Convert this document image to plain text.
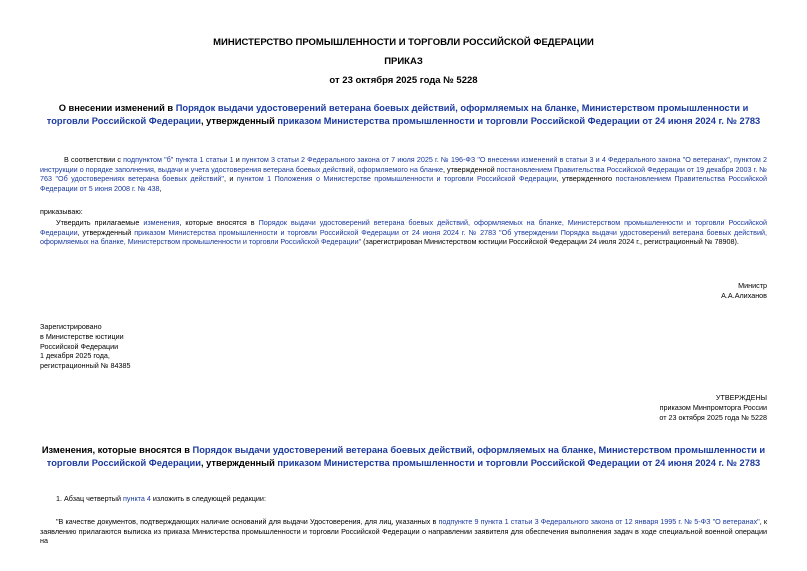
МИНИСТЕРСТВО ПРОМЫШЛЕННОСТИ И ТОРГОВЛИ РОССИЙСКОЙ ФЕДЕРАЦИИ
ПРИКАЗ
от 23 октября 2025 года № 5228
О внесении изменений в Порядок выдачи удостоверений ветерана боевых действий, оформляемых на бланке, Министерством промышленности и торговли Российской Федерации, утвержденный приказом Министерства промышленности и торговли Российской Федерации от 24 июня 2024 г. № 2783
В соответствии с подпунктом "б" пункта 1 статьи 1 и пунктом 3 статьи 2 Федерального закона от 7 июля 2025 г. № 196-ФЗ "О внесении изменений в статьи 3 и 4 Федерального закона "О ветеранах", пунктом 2 инструкции о порядке заполнения, выдачи и учета удостоверения ветерана боевых действий, оформляемого на бланке, утвержденной постановлением Правительства Российской Федерации от 19 декабря 2003 г. № 763 "Об удостоверениях ветерана боевых действий", и пунктом 1 Положения о Министерстве промышленности и торговли Российской Федерации, утвержденного постановлением Правительства Российской Федерации от 5 июня 2008 г. № 438,
приказываю:
Утвердить прилагаемые изменения, которые вносятся в Порядок выдачи удостоверений ветерана боевых действий, оформляемых на бланке, Министерством промышленности и торговли Российской Федерации, утвержденный приказом Министерства промышленности и торговли Российской Федерации от 24 июня 2024 г. № 2783 "Об утверждении Порядка выдачи удостоверений ветерана боевых действий, оформляемых на бланке, Министерством промышленности и торговли Российской Федерации" (зарегистрирован Министерством юстиции Российской Федерации 24 июля 2024 г., регистрационный № 78908).
Министр
А.А.Алиханов
Зарегистрировано
в Министерстве юстиции
Российской Федерации
1 декабря 2025 года,
регистрационный № 84385
УТВЕРЖДЕНЫ
приказом Минпромторга России
от 23 октября 2025 года № 5228
Изменения, которые вносятся в Порядок выдачи удостоверений ветерана боевых действий, оформляемых на бланке, Министерством промышленности и торговли Российской Федерации, утвержденный приказом Министерства промышленности и торговли Российской Федерации от 24 июня 2024 г. № 2783
1. Абзац четвертый пункта 4 изложить в следующей редакции:
"В качестве документов, подтверждающих наличие оснований для выдачи Удостоверения, для лиц, указанных в подпункте 9 пункта 1 статьи 3 Федерального закона от 12 января 1995 г. № 5-ФЗ "О ветеранах", к заявлению прилагаются выписка из приказа Министерства промышленности и торговли Российской Федерации о направлении заявителя для обеспечения выполнения задач в ходе специальной военной операции на
